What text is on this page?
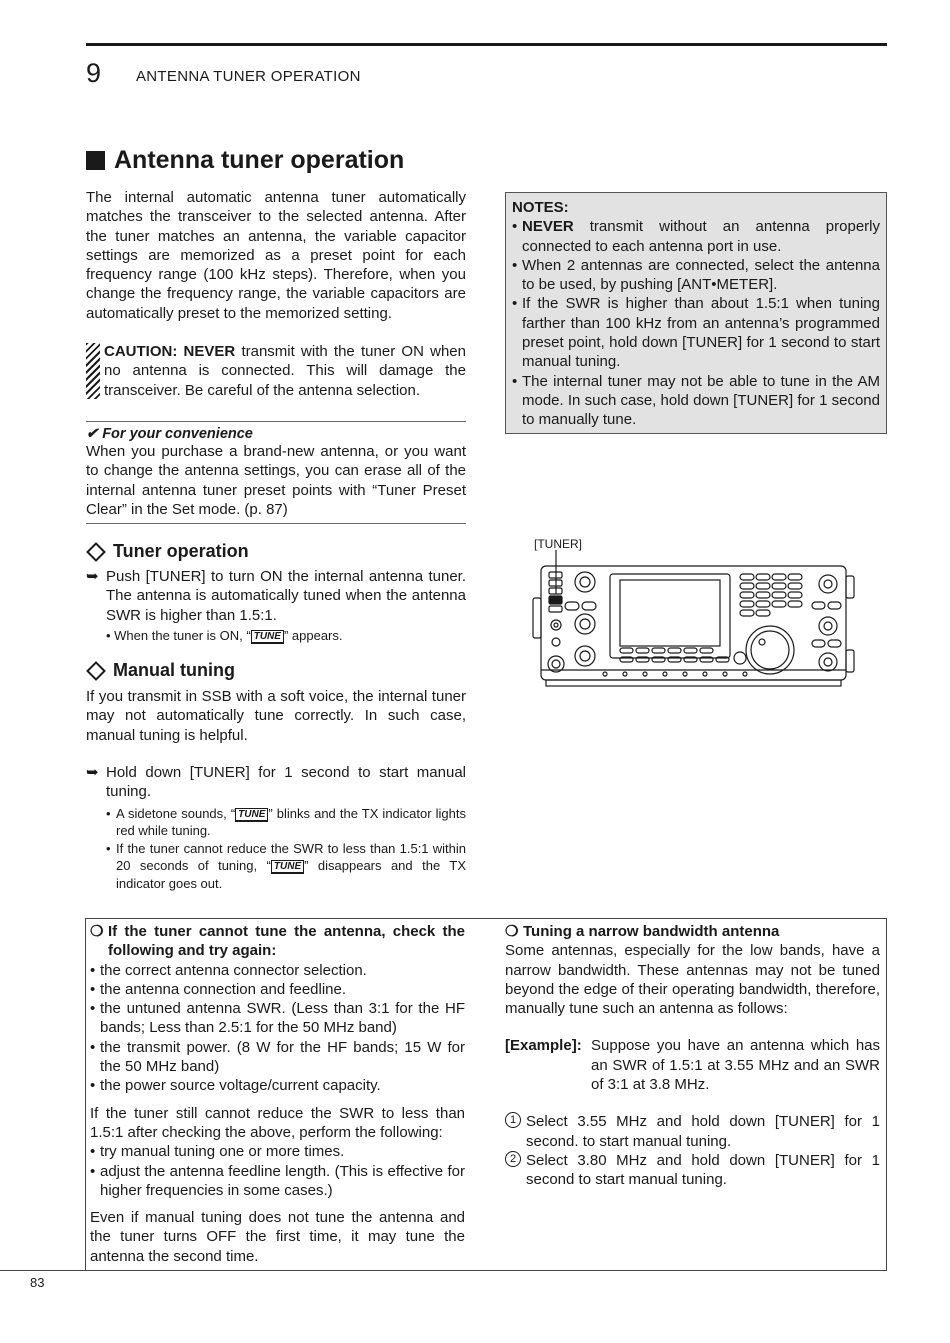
9 ANTENNA TUNER OPERATION
Antenna tuner operation
The internal automatic antenna tuner automatically matches the transceiver to the selected antenna. After the tuner matches an antenna, the variable capacitor settings are memorized as a preset point for each frequency range (100 kHz steps). Therefore, when you change the frequency range, the variable capacitors are automatically preset to the memorized setting.
CAUTION: NEVER transmit with the tuner ON when no antenna is connected. This will damage the transceiver. Be careful of the antenna selection.
✔ For your convenience
When you purchase a brand-new antenna, or you want to change the antenna settings, you can erase all of the internal antenna tuner preset points with “Tuner Preset Clear” in the Set mode. (p. 87)
Tuner operation
➥ Push [TUNER] to turn ON the internal antenna tuner. The antenna is automatically tuned when the antenna SWR is higher than 1.5:1.
• When the tuner is ON, “ TUNE ” appears.
Manual tuning
If you transmit in SSB with a soft voice, the internal tuner may not automatically tune correctly. In such case, manual tuning is helpful.
➥ Hold down [TUNER] for 1 second to start manual tuning.
• A sidetone sounds, “ TUNE ” blinks and the TX indicator lights red while tuning.
• If the tuner cannot reduce the SWR to less than 1.5:1 within 20 seconds of tuning, “ TUNE ” disappears and the TX indicator goes out.
NOTES:
• NEVER transmit without an antenna properly connected to each antenna port in use.
• When 2 antennas are connected, select the antenna to be used, by pushing [ANT•METER].
• If the SWR is higher than about 1.5:1 when tuning farther than 100 kHz from an antenna’s programmed preset point, hold down [TUNER] for 1 second to start manual tuning.
• The internal tuner may not be able to tune in the AM mode. In such case, hold down [TUNER] for 1 second to manually tune.
[TUNER]
❍ If the tuner cannot tune the antenna, check the following and try again:
• the correct antenna connector selection.
• the antenna connection and feedline.
• the untuned antenna SWR. (Less than 3:1 for the HF bands; Less than 2.5:1 for the 50 MHz band)
• the transmit power. (8 W for the HF bands; 15 W for the 50 MHz band)
• the power source voltage/current capacity.
If the tuner still cannot reduce the SWR to less than 1.5:1 after checking the above, perform the following:
• try manual tuning one or more times.
• adjust the antenna feedline length. (This is effective for higher frequencies in some cases.)
Even if manual tuning does not tune the antenna and the tuner turns OFF the first time, it may tune the antenna the second time.
❍ Tuning a narrow bandwidth antenna
Some antennas, especially for the low bands, have a narrow bandwidth. These antennas may not be tuned beyond the edge of their operating bandwidth, therefore, manually tune such an antenna as follows:
[Example]: Suppose you have an antenna which has an SWR of 1.5:1 at 3.55 MHz and an SWR of 3:1 at 3.8 MHz.
1 Select 3.55 MHz and hold down [TUNER] for 1 second. to start manual tuning.
2 Select 3.80 MHz and hold down [TUNER] for 1 second to start manual tuning.
83
